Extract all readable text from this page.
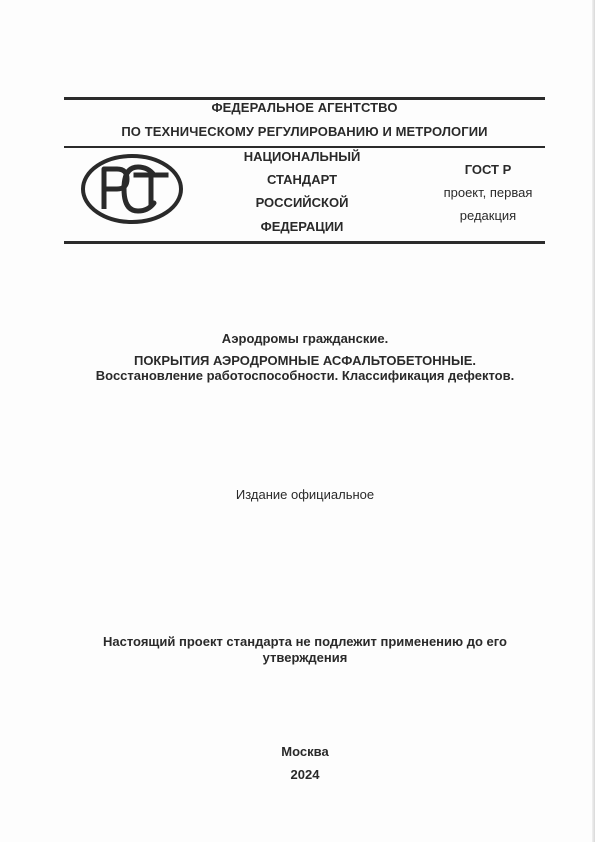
ФЕДЕРАЛЬНОЕ АГЕНТСТВО
ПО ТЕХНИЧЕСКОМУ РЕГУЛИРОВАНИЮ И МЕТРОЛОГИИ
НАЦИОНАЛЬНЫЙ
СТАНДАРТ
РОССИЙСКОЙ
ФЕДЕРАЦИИ
ГОСТ Р
проект, первая
редакция
Аэродромы гражданские.
ПОКРЫТИЯ АЭРОДРОМНЫЕ АСФАЛЬТОБЕТОННЫЕ.
Восстановление работоспособности. Классификация дефектов.
Издание официальное
Настоящий проект стандарта не подлежит применению до его
утверждения
Москва
2024
